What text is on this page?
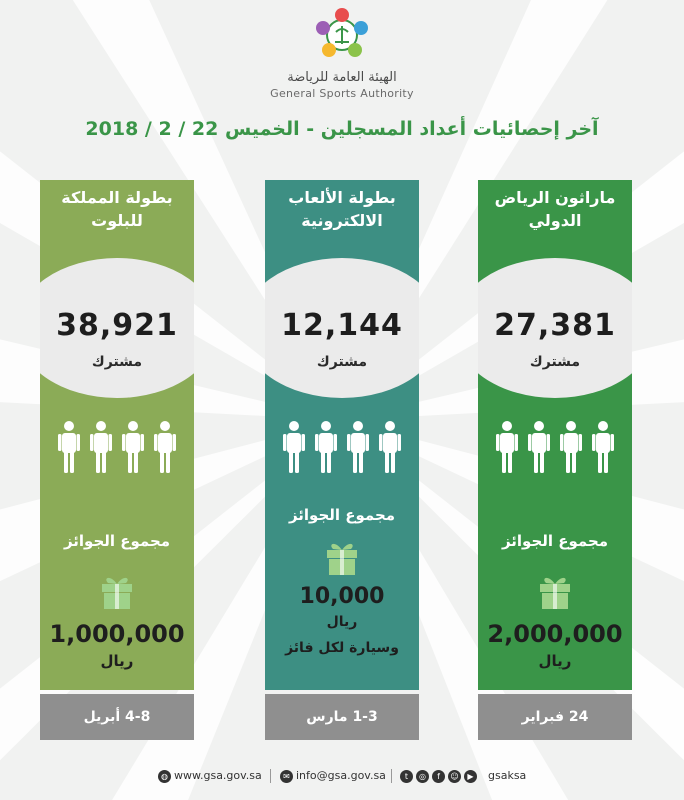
الهيئة العامة للرياضة
General Sports Authority
آخر إحصائيات أعداد المسجلين - الخميس 22 / 2 / 2018
بطولة المملكة
للبلوت
38,921
مشترك
مجموع الجوائز
1,000,000
ريال
4-8 أبريل
بطولة الألعاب
الالكترونية
12,144
مشترك
مجموع الجوائز
10,000
ريال
وسيارة لكل فائز
1-3 مارس
ماراثون الرياض
الدولي
27,381
مشترك
مجموع الجوائز
2,000,000
ريال
24 فبراير
◍ www.gsa.gov.sa	✉ info@gsa.gov.sa	t ◎ f ☺ ▶	gsaksa
